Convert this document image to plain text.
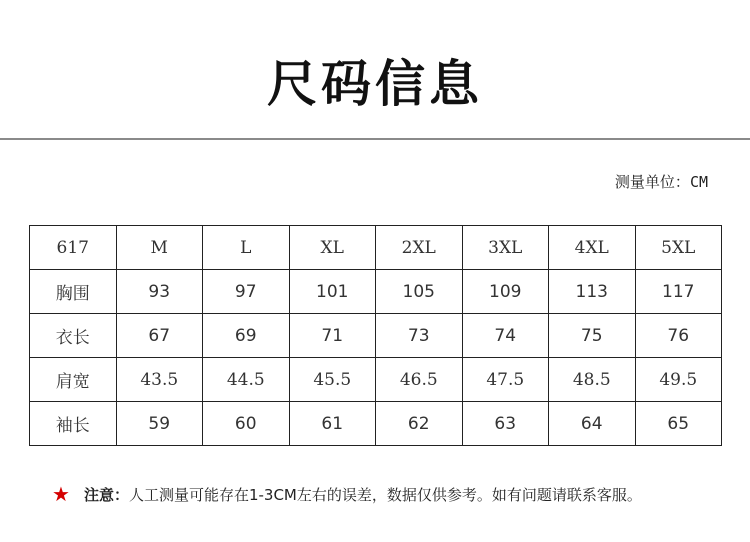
尺码信息
测量单位：CM
617	M	L	XL	2XL	3XL	4XL	5XL
胸围	93	97	101	105	109	113	117
衣长	67	69	71	73	74	75	76
肩宽	43.5	44.5	45.5	46.5	47.5	48.5	49.5
袖长	59	60	61	62	63	64	65
★ 注意：人工测量可能存在1-3CM左右的误差，数据仅供参考。如有问题请联系客服。
